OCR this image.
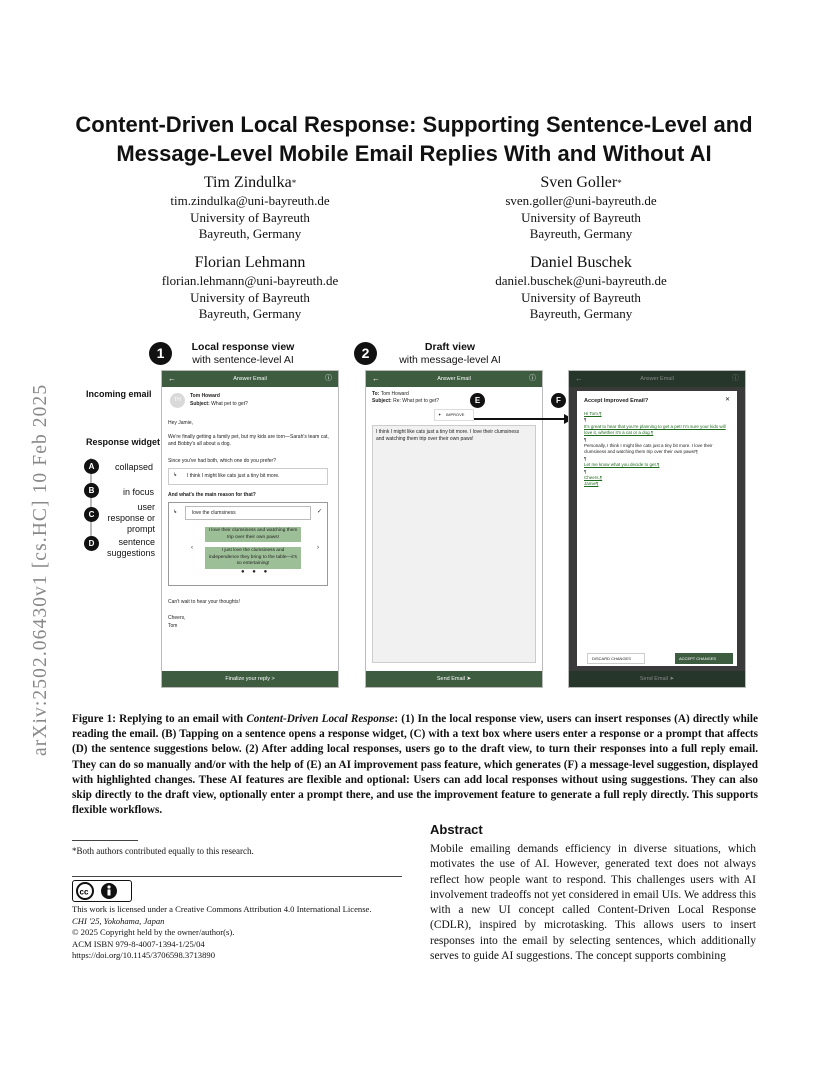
arXiv:2502.06430v1 [cs.HC] 10 Feb 2025
Content-Driven Local Response: Supporting Sentence-Level and
Message-Level Mobile Email Replies With and Without AI
Tim Zindulka*
tim.zindulka@uni-bayreuth.de
University of Bayreuth
Bayreuth, Germany
Sven Goller*
sven.goller@uni-bayreuth.de
University of Bayreuth
Bayreuth, Germany
Florian Lehmann
florian.lehmann@uni-bayreuth.de
University of Bayreuth
Bayreuth, Germany
Daniel Buschek
daniel.buschek@uni-bayreuth.de
University of Bayreuth
Bayreuth, Germany
1	Local response view
with sentence-level AI	2	Draft view
with message-level AI
Incoming email
Response widget
A	collapsed
B	in focus
C
user response or prompt
D	sentence suggestions
←	Answer Email	ⓘ
TH
Tom Howard
Subject: What pet to get?
Hey Jamie,
We're finally getting a family pet, but my kids are torn—Sarah's team cat, and Bobby's all about a dog.
Since you've had both, which one do you prefer?
↳ I think I might like cats just a tiny bit more.
And what's the main reason for that?
↳	love the clumsiness	✓
I love their clumsiness and watching them trip over their own paws!
‹	I just love the clumsiness and independence they bring to the table—it's so entertaining!
›
● ● ●
Can't wait to hear your thoughts!
Cheers,
Tom
Finalize your reply >
←	Answer Email	ⓘ
To: Tom Howard
Subject: Re: What pet to get?
✦ IMPROVE
I think I might like cats just a tiny bit more. I love their clumsiness and watching them trip over their own paws!
Send Email ➤
E	F
←	Answer Email	ⓘ
Accept Improved Email?	✕
Hi Tom,¶
¶
It's great to hear that you're planning to get a pet! I'm sure your kids will love it, whether it's a cat or a dog.¶
¶
Personally, I think I might like cats just a tiny bit more. I love their clumsiness and watching them trip over their own paws!¶
¶
Let me know what you decide to get.¶
¶
Cheers,¶
Jamie¶
DISCARD CHANGES	ACCEPT CHANGES
Send Email ➤
Figure 1: Replying to an email with Content-Driven Local Response: (1) In the local response view, users can insert responses (A) directly while reading the email. (B) Tapping on a sentence opens a response widget, (C) with a text box where users enter a response or a prompt that affects (D) the sentence suggestions below. (2) After adding local responses, users go to the draft view, to turn their responses into a full reply email. They can do so manually and/or with the help of (E) an AI improvement pass feature, which generates (F) a message-level suggestion, displayed with highlighted changes. These AI features are flexible and optional: Users can add local responses without using suggestions. They can also skip directly to the draft view, optionally enter a prompt there, and use the improvement feature to generate a full reply directly. This supports flexible workflows.
*Both authors contributed equally to this research.
cc
This work is licensed under a Creative Commons Attribution 4.0 International License.
CHI '25, Yokohama, Japan
© 2025 Copyright held by the owner/author(s).
ACM ISBN 979-8-4007-1394-1/25/04
https://doi.org/10.1145/3706598.3713890
Abstract
Mobile emailing demands efficiency in diverse situations, which motivates the use of AI. However, generated text does not always reflect how people want to respond. This challenges users with AI involvement tradeoffs not yet considered in email UIs. We address this with a new UI concept called Content-Driven Local Response (CDLR), inspired by microtasking. This allows users to insert responses into the email by selecting sentences, which additionally serves to guide AI suggestions. The concept supports combining
